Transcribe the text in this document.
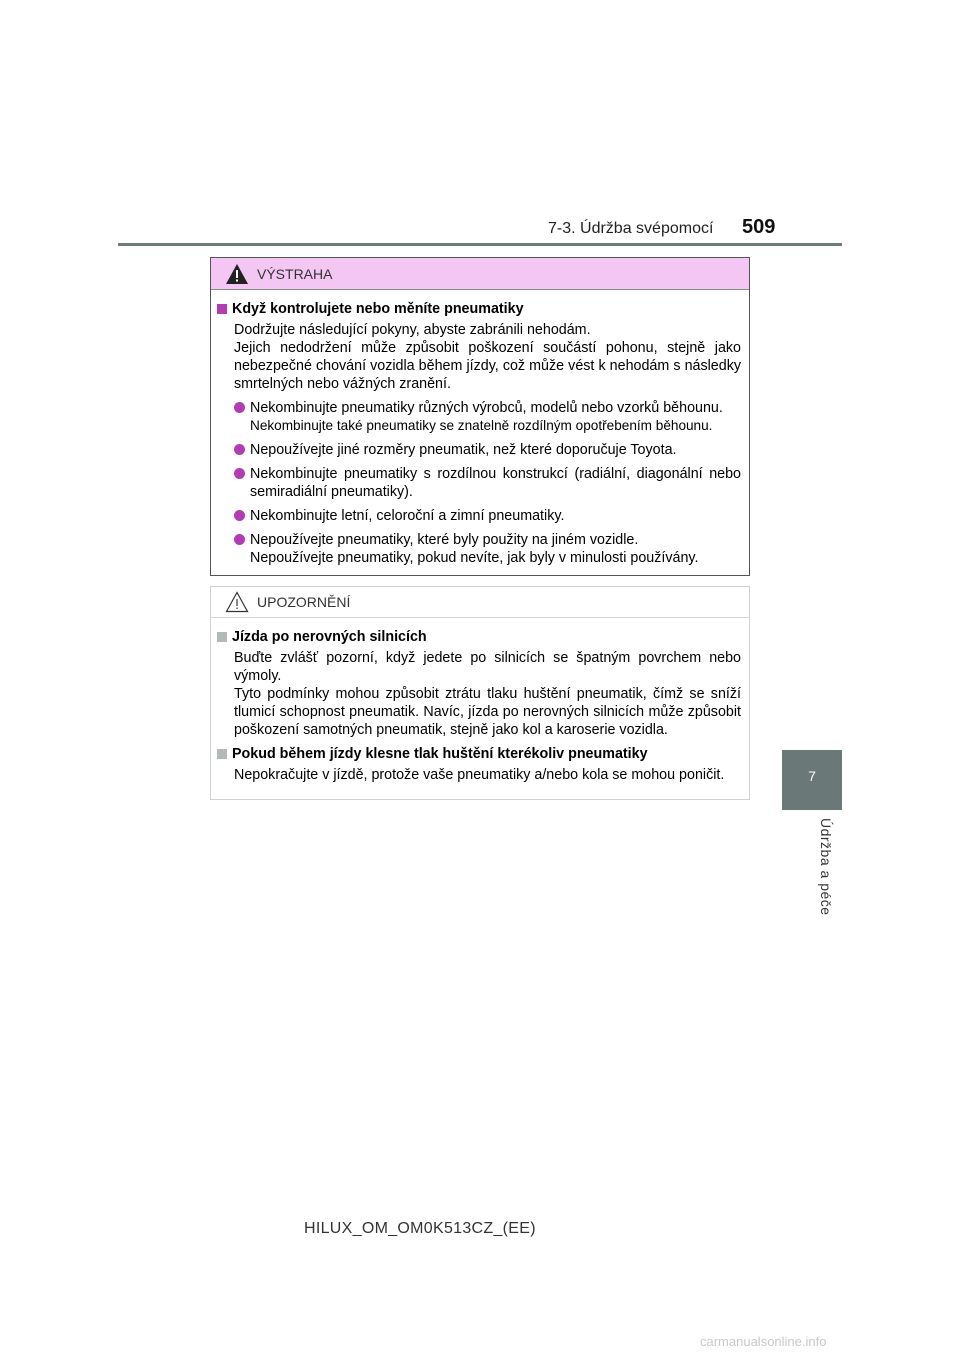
7-3. Údržba svépomocí 509
7
Údržba a péče
VÝSTRAHA
Když kontrolujete nebo měníte pneumatiky
Dodržujte následující pokyny, abyste zabránili nehodám.
Jejich nedodržení může způsobit poškození součástí pohonu, stejně jako nebezpečné chování vozidla během jízdy, což může vést k nehodám s následky smrtelných nebo vážných zranění.
Nekombinujte pneumatiky různých výrobců, modelů nebo vzorků běhounu.
Nekombinujte také pneumatiky se znatelně rozdílným opotřebením běhounu.
Nepoužívejte jiné rozměry pneumatik, než které doporučuje Toyota.
Nekombinujte pneumatiky s rozdílnou konstrukcí (radiální, diagonální nebo semiradiální pneumatiky).
Nekombinujte letní, celoroční a zimní pneumatiky.
Nepoužívejte pneumatiky, které byly použity na jiném vozidle.
Nepoužívejte pneumatiky, pokud nevíte, jak byly v minulosti používány.
UPOZORNĚNÍ
Jízda po nerovných silnicích
Buďte zvlášť pozorní, když jedete po silnicích se špatným povrchem nebo výmoly.
Tyto podmínky mohou způsobit ztrátu tlaku huštění pneumatik, čímž se sníží tlumicí schopnost pneumatik. Navíc, jízda po nerovných silnicích může způsobit poškození samotných pneumatik, stejně jako kol a karoserie vozidla.
Pokud během jízdy klesne tlak huštění kterékoliv pneumatiky
Nepokračujte v jízdě, protože vaše pneumatiky a/nebo kola se mohou poničit.
HILUX_OM_OM0K513CZ_(EE)
carmanualsonline.info
